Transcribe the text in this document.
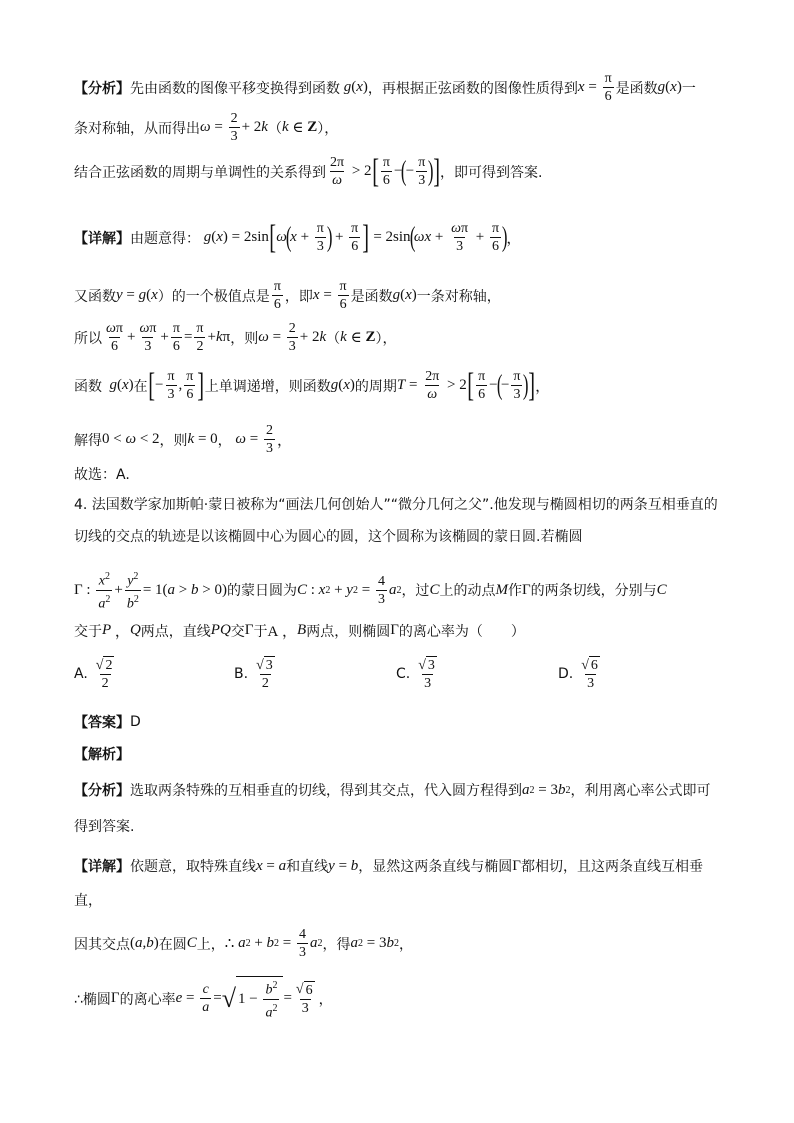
【分析】 先由函数的图像平移变换得到函数 g ( x ) ，再根据正弦函数的图像性质得到 $x = \frac{\pi}{6}$ 是函数 g ( x ) 一
条对称轴，从而得出 $\omega = \frac{2}{3} + 2$ k （ k ∈ Z ），
结合正弦函数的周期与单调性的关系得到 $\frac{2\pi}{\omega} > 2$ [ $\frac{\pi}{6}$ −
(
− $\frac{\pi}{3}$ ) ] ，即可得到答案.
【详解】 由题意得： g ( x ) = 2sin [ ω
(
$x + \frac{\pi}{3}$ )
+ $\frac{\pi}{6}$ ] = 2sin
(
$\omega x + \frac{\omega\pi}{3} + \frac{\pi}{6}$ )
，
又函数 y = g ( x ）的一个极值点是 $\frac{\pi}{6}$ ，即 $x = \frac{\pi}{6}$ 是函数 g ( x ) 一条对称轴，
所以 $\frac{\omega\pi}{6} + \frac{\omega\pi}{3} + \frac{\pi}{6} = \frac{\pi}{2} + k$ π ，则 $\omega = \frac{2}{3} + 2$ k （ k ∈ Z ），
函数 g ( x ) 在 [ − $\frac{\pi}{3}$ , $\frac{\pi}{6}$ ] 上单调递增，则函数 g ( x ) 的周期 $T = \frac{2\pi}{\omega} > 2$ [ $\frac{\pi}{6}$ −
(
− $\frac{\pi}{3}$ ) ] ，
解得 0 < ω < 2 ，则 k = 0 ， $\omega = \frac{2}{3}$ ，
故选：A.
4. 法国数学家加斯帕·蒙日被称为“画法几何创始人”“微分几何之父”.他发现与椭圆相切的两条互相垂直的
切线的交点的轨迹是以该椭圆中心为圆心的圆，这个圆称为该椭圆的蒙日圆.若椭圆
Γ : $\frac{x^2}{a^2} + \frac{y^2}{b^2} = 1$( a > b > 0) 的蒙日圆为 C : x 2 + y $2 = \frac{4}{3}$ a 2 ，过 C 上的动点 M 作 Γ 的两条切线，分别与 C
交于 P ， Q 两点，直线 PQ 交 Γ 于 A ， B 两点，则椭圆 Γ 的离心率为（　　）
A. $\frac{√ 2}{2}$	B. $\frac{√ 3}{2}$	C. $\frac{√ 3}{3}$	D. $\frac{√ 6}{3}$
【答案】 D
【解析】
【分析】 选取两条特殊的互相垂直的切线，得到其交点，代入圆方程得到 a 2 = 3 b 2 ，利用离心率公式即可
得到答案.
【详解】 依题意，取特殊直线 x = a 和直线 y = b ，显然这两条直线与椭圆 Γ 都相切，且这两条直线互相垂
直，
因其交点 ( a , b ) 在圆 C 上， ∴ a 2 + b $2 = \frac{4}{3}$ a 2 ，得 a 2 = 3 b 2 ，
∴椭圆 Γ 的离心率 $e = \frac{c}{a}$ = √ $1 - \frac{b^2}{a^2} = \frac{√ 6}{3}$ ，
